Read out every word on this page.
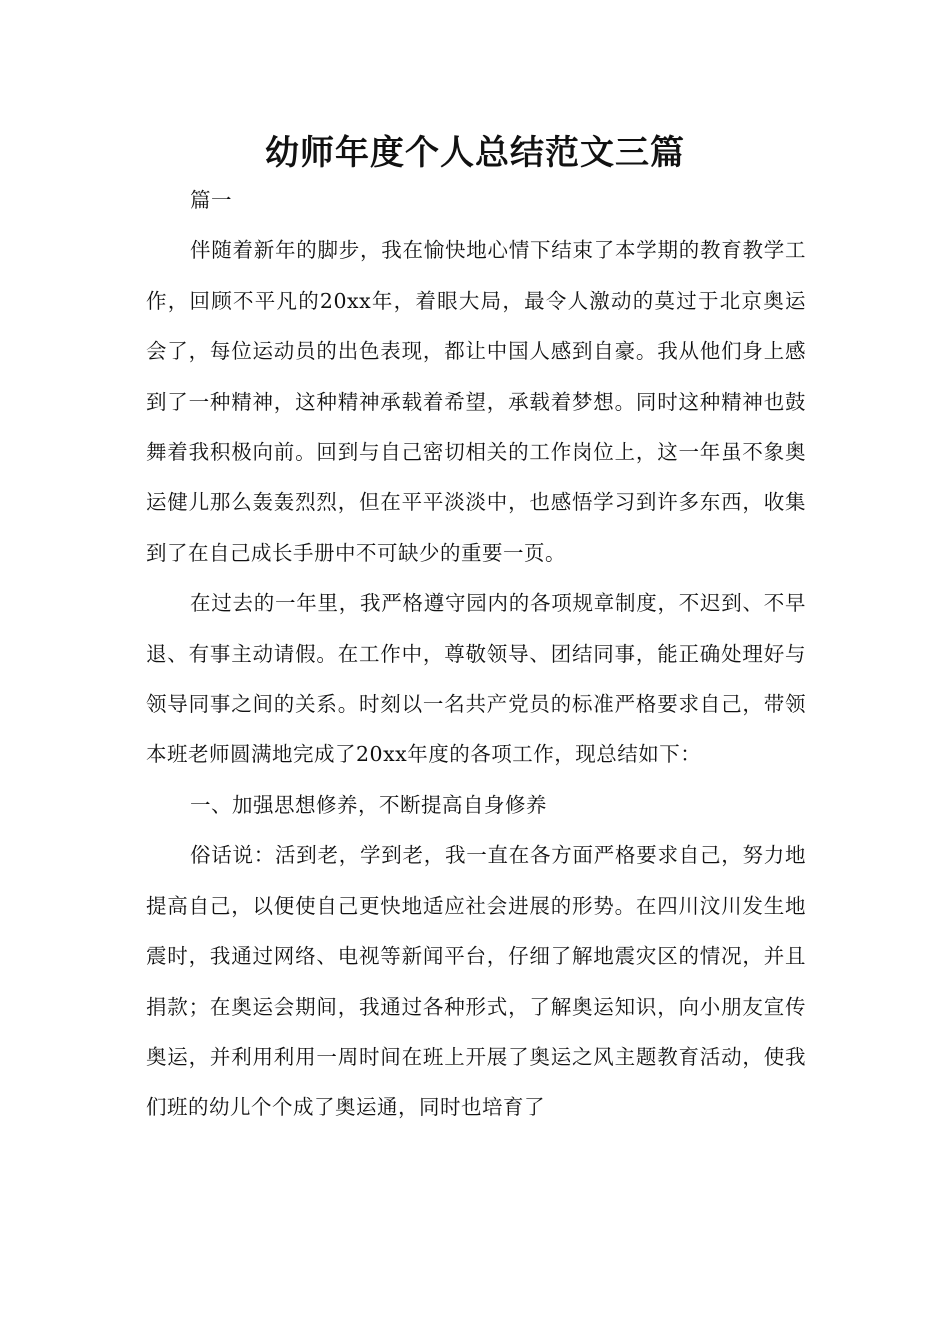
幼师年度个人总结范文三篇

篇一

伴随着新年的脚步，我在愉快地心情下结束了本学期的教育教学工作，回顾不平凡的20xx年，着眼大局，最令人激动的莫过于北京奥运会了，每位运动员的出色表现，都让中国人感到自豪。我从他们身上感到了一种精神，这种精神承载着希望，承载着梦想。同时这种精神也鼓舞着我积极向前。回到与自己密切相关的工作岗位上，这一年虽不象奥运健儿那么轰轰烈烈，但在平平淡淡中，也感悟学习到许多东西，收集到了在自己成长手册中不可缺少的重要一页。

在过去的一年里，我严格遵守园内的各项规章制度，不迟到、不早退、有事主动请假。在工作中，尊敬领导、团结同事，能正确处理好与领导同事之间的关系。时刻以一名共产党员的标准严格要求自己，带领本班老师圆满地完成了20xx年度的各项工作，现总结如下：

一、加强思想修养，不断提高自身修养

俗话说：活到老，学到老，我一直在各方面严格要求自己，努力地提高自己，以便使自己更快地适应社会进展的形势。在四川汶川发生地震时，我通过网络、电视等新闻平台，仔细了解地震灾区的情况，并且捐款；在奥运会期间，我通过各种形式，了解奥运知识，向小朋友宣传奥运，并利用利用一周时间在班上开展了奥运之风主题教育活动，使我们班的幼儿个个成了奥运通，同时也培育了
